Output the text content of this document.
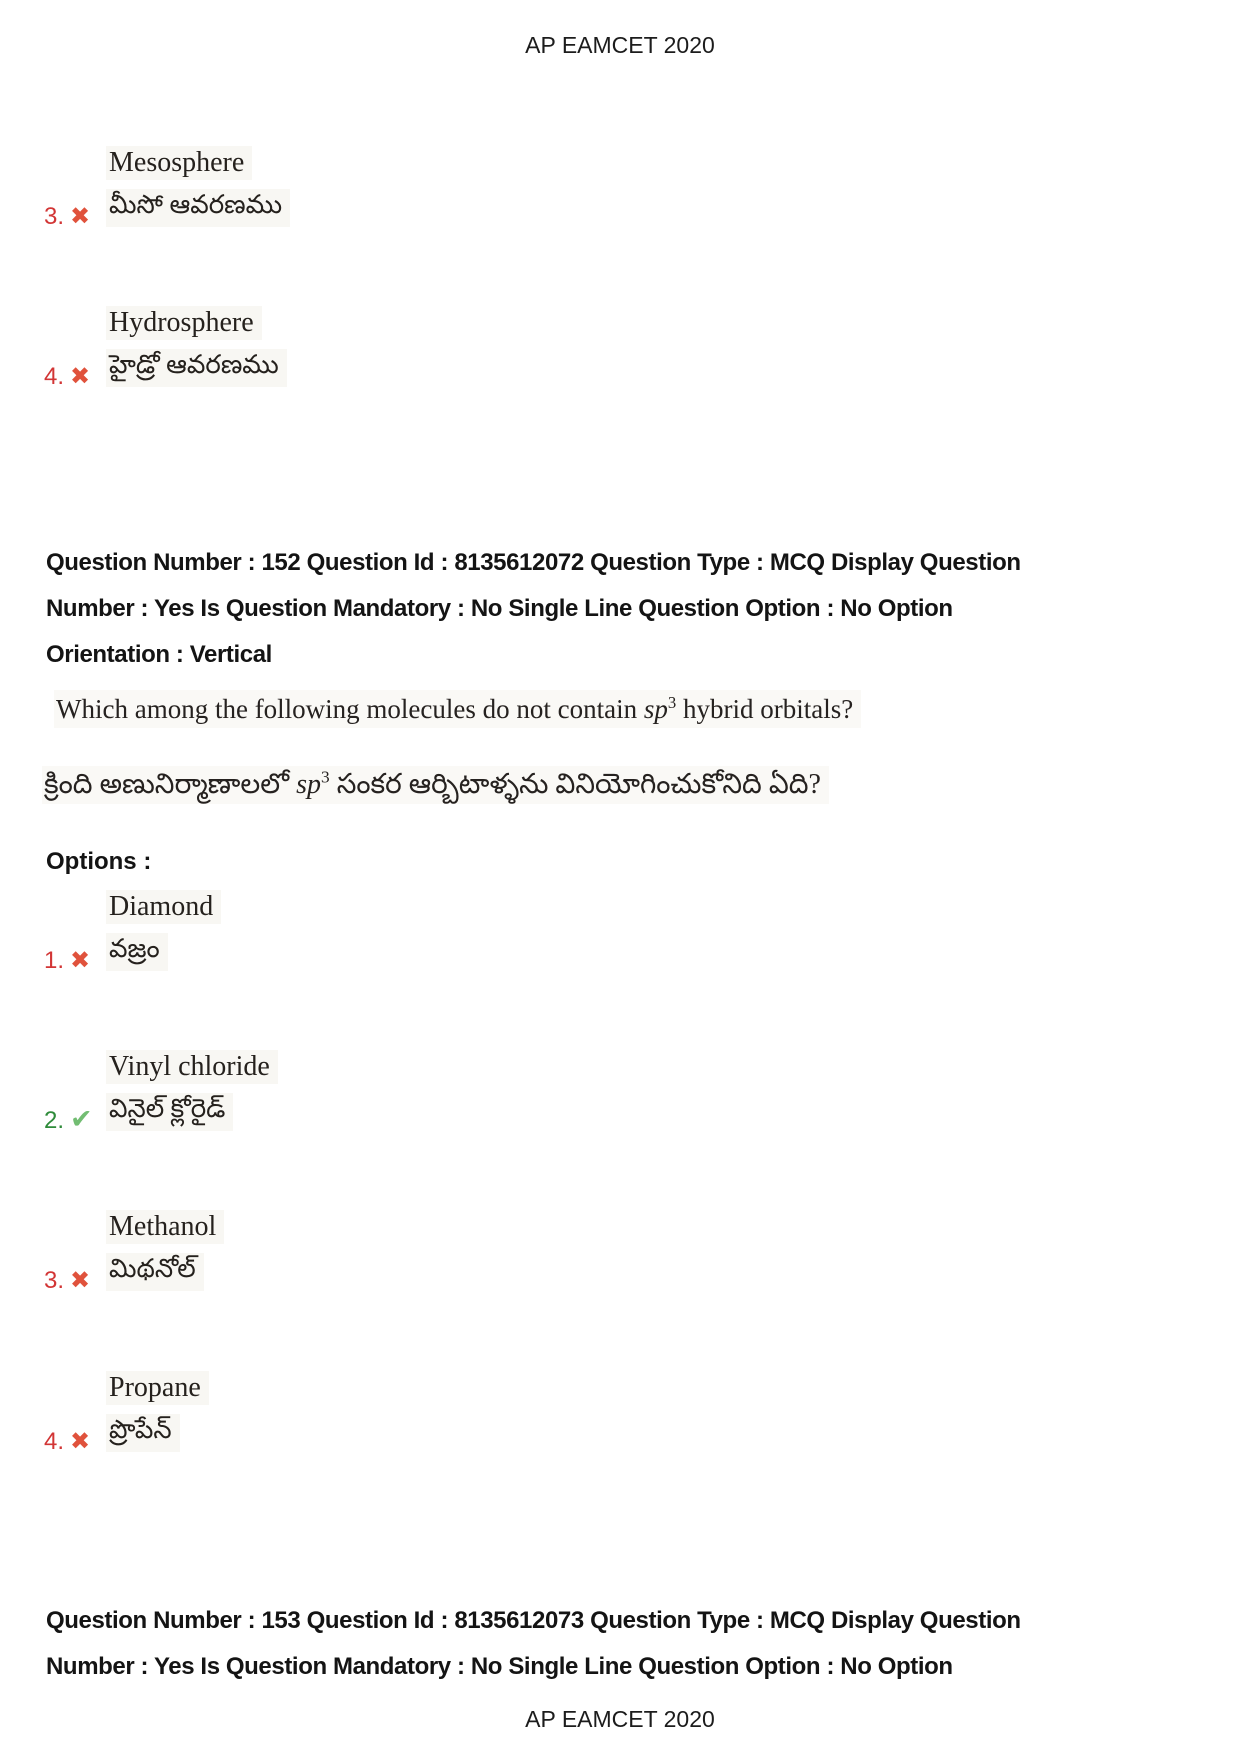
AP EAMCET 2020
3. ✖
Mesosphere
మీసో ఆవరణము
4. ✖
Hydrosphere
హైడ్రో ఆవరణము
Question Number : 152 Question Id : 8135612072 Question Type : MCQ Display Question
Number : Yes Is Question Mandatory : No Single Line Question Option : No Option
Orientation : Vertical
Which among the following molecules do not contain $sp^3$ hybrid orbitals?
క్రింది అణునిర్మాణాలలో $sp^3$ సంకర ఆర్బిటాళ్ళను వినియోగించుకోనిది ఏది?
Options :
1. ✖
Diamond
వజ్రం
2. ✔
Vinyl chloride
వినైల్ క్లోరైడ్
3. ✖
Methanol
మిథనోల్
4. ✖
Propane
ప్రొపేన్
Question Number : 153 Question Id : 8135612073 Question Type : MCQ Display Question
Number : Yes Is Question Mandatory : No Single Line Question Option : No Option
AP EAMCET 2020
